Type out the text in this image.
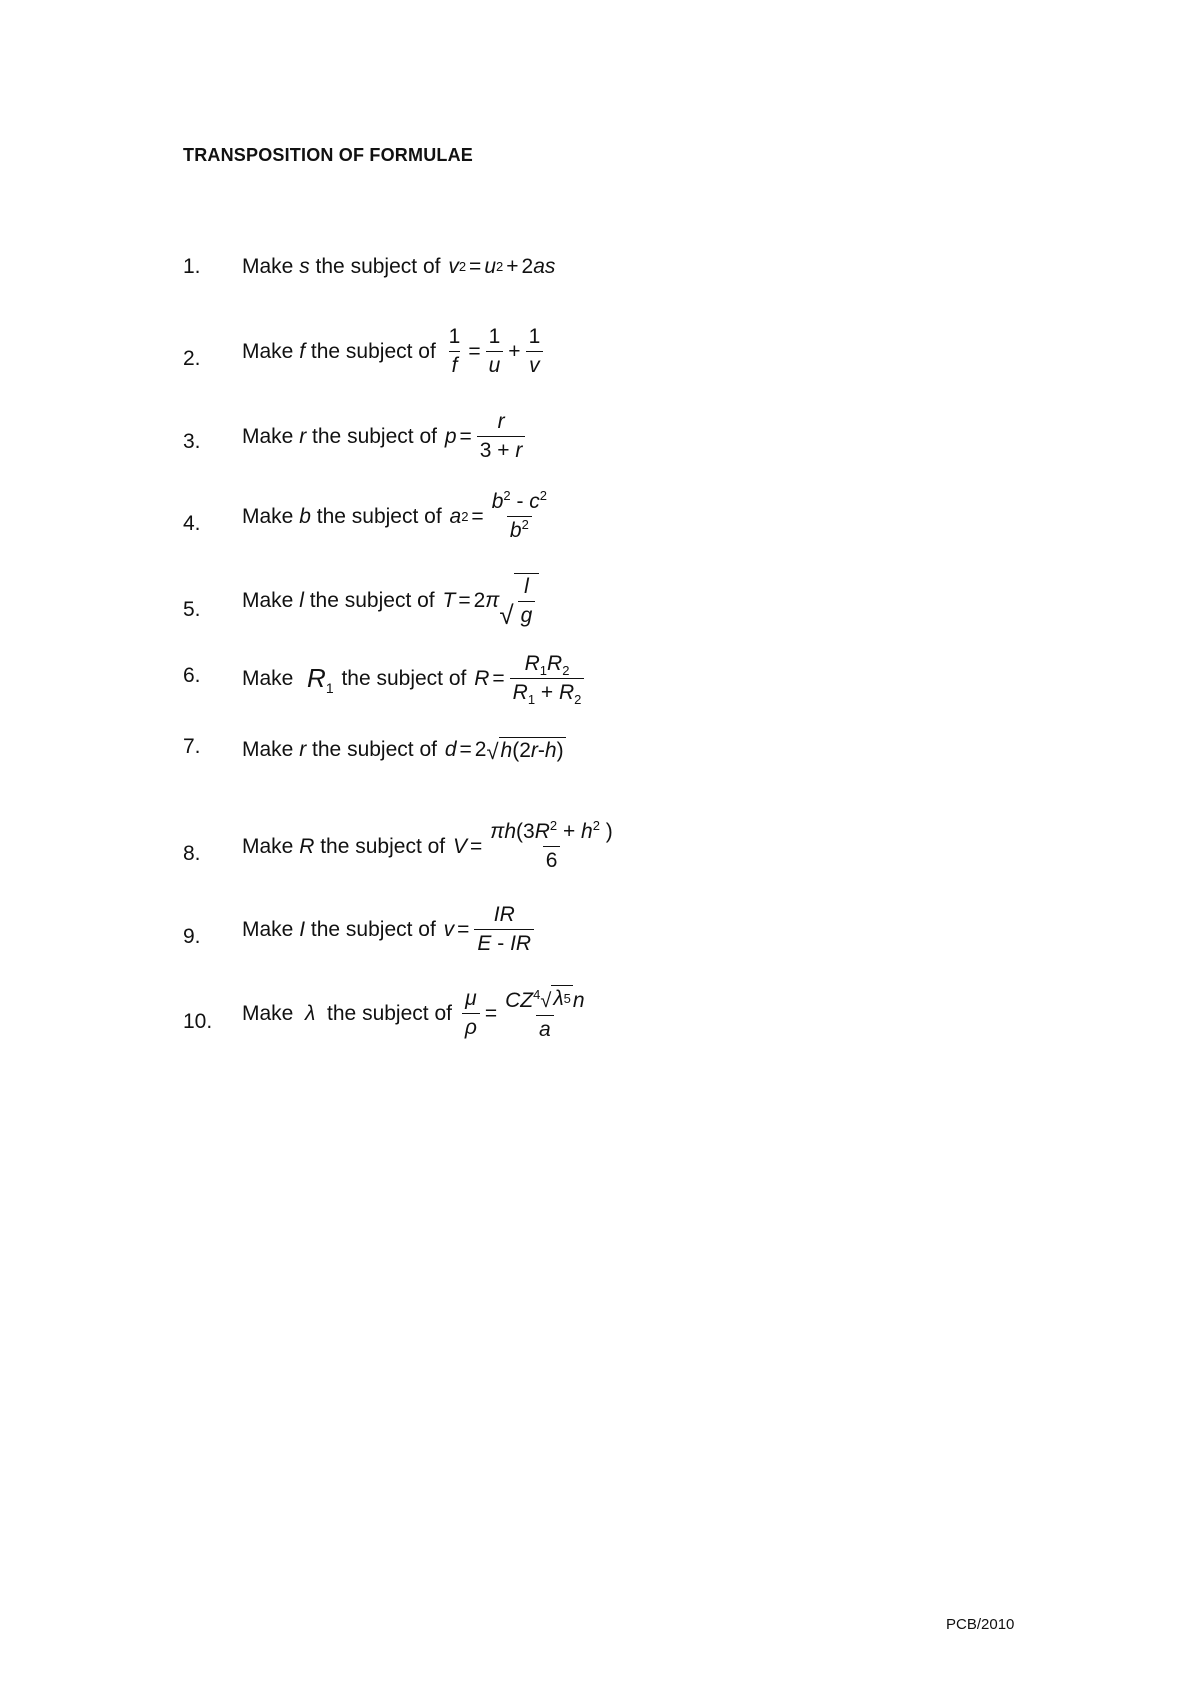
TRANSPOSITION OF FORMULAE
1. Make
s
the subject of
v 2 = u 2 + 2 as
2. Make
f
the subject of
$\frac{1}{f} = \frac{1}{u} + \frac{1}{v}$
3. Make
r
the subject of
$p = \frac{r}{3 + r}$
4. Make
b
the subject of
a $2 = \frac{b^2 - c^2}{b^2}$
5. Make
l
the subject of
T = 2 π √ $\frac{l}{g}$
6. Make
$R_1$
the subject of
$R = \frac{R_1R_2}{R_1 + R_2}$
7. Make
r
the subject of
d = 2 √ h (2 r - h )
8. Make
R
the subject of
$V = \frac{\pi h(3R^2 + h^2 )}{6}$
9. Make
I
the subject of
$v = \frac{IR}{E - IR}$
10. Make
λ
the subject of
$\frac{\mu}{\rho} = \frac{CZ^4 √ \lambda 5 n}{a}$
PCB/2010
